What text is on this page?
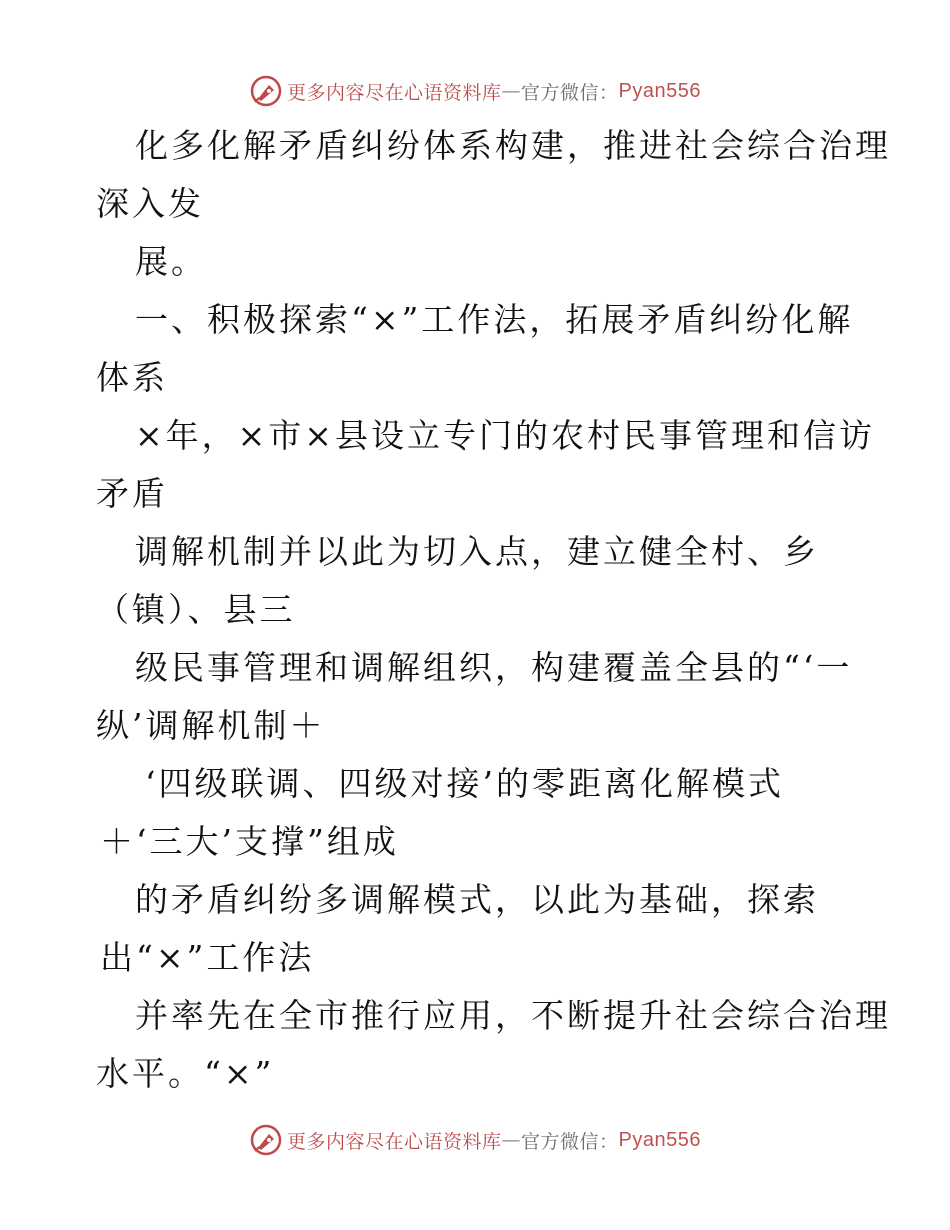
更多内容尽在心语资料库 — 官方微信： Pyan556
化多化解矛盾纠纷体系构建，推进社会综合治理
深入发
展。
一、积极探索“×”工作法，拓展矛盾纠纷化解
体系
×年，×市×县设立专门的农村民事管理和信访
矛盾
调解机制并以此为切入点，建立健全村、乡
（镇）、县三
级民事管理和调解组织，构建覆盖全县的“‘一
纵’调解机制＋
‘四级联调、四级对接’的零距离化解模式
＋‘三大’支撑”组成
的矛盾纠纷多调解模式，以此为基础，探索
出“×”工作法
并率先在全市推行应用，不断提升社会综合治理
水平。“×”
更多内容尽在心语资料库 — 官方微信： Pyan556
